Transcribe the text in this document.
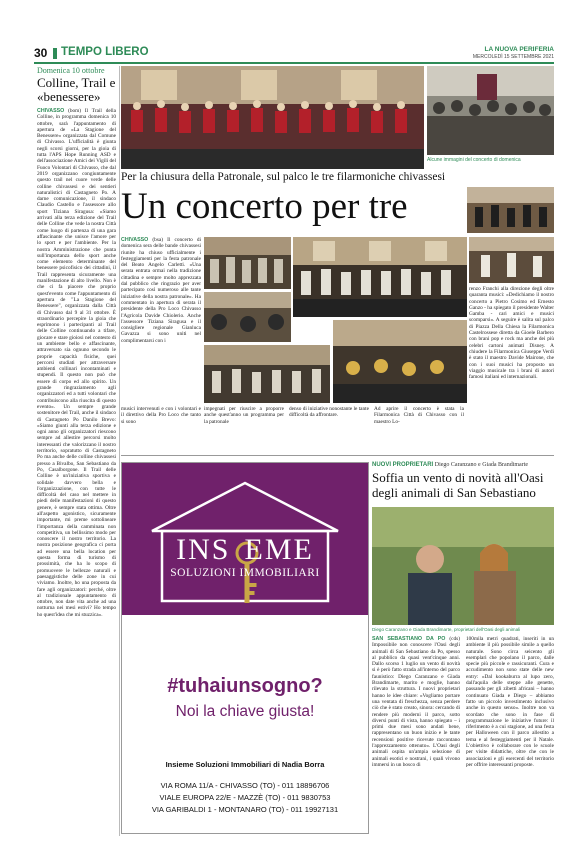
30 TEMPO LIBERO	LA NUOVA PERIFERIA
MERCOLEDÌ 15 SETTEMBRE 2021
Domenica 10 ottobre
Colline, Trail e «benessere»
CHIVASSO (bom) Il Trail della Colline, in programma domenica 10 ottobre, sarà l'appuntamento di apertura de «La Stagione del Benessere» organizzata dal Comune di Chivasso. L'ufficialità è giunta negli scorsi giorni, per la gioia di tutta l'APS Hope Running ASD e dell'associazione Amici dei Vigili del Fuoco Volontari di Chivasso, che dal 2019 organizzano congiuntamente questo trail nel cuore verde delle colline chivassesi e dei sentieri naturalistici di Castagneto Po. A darne comunicazione, il sindaco Claudio Castello e l'assessore allo sport Tiziana Siragusa: «Siamo arrivati alla terza edizione del Trail delle Colline che vede la nostra Città come luogo di partenza di una gara affascinante che unisce l'amore per lo sport e per l'ambiente. Per la nostra Amministrazione che punta sull'importanza dello sport anche come elemento determinante del benessere psicofisico dei cittadini, il Trail rappresenta sicuramente una manifestazione di alto livello. Non è che ci fa piacere che proprio quest'evento come l'appuntamento di apertura de "La Stagione del Benessere", organizzata dalla Città di Chivasso dal 9 al 31 ottobre. È straordinario percepire la gioia che esprimono i partecipanti al Trail delle Colline continuando a tifare, giocare e stare gioiosi nel contesto di un ambiente bello e affascinante, attraversato sia ognuno secondo le proprie capacità fisiche, quei percorsi studiati per attraversare ambienti collinari incontaminati e stupendi. Il questo non può che essere di corpo ed allo spirito. Un grande ringraziamento agli organizzatori ed a tutti volontari che contribuiscono alla riuscita di questo evento». Un sempre grande sostenitore del Trail, anche il sindaco di Castagneto Po Danilo Brevo: «Siamo giunti alla terza edizione e ogni anno gli organizzatori riescono sempre ad allestire percorsi molto interessanti che valorizzano il nostro territorio, sopratutto di Castagneto Po ma anche delle colline chivassesi presso a Bivalbo, San Sebastiano da Po, Casalborgone. Il Trail delle Colline è un'iniziativa sportiva e solidale davvero bella e l'organizzazione, con tutte le difficoltà del caso nel mettere in piedi delle manifestazioni di questo genere, è sempre stata ottima. Oltre all'aspetto agonistico, sicuramente importante, mi preme sottolineare l'importanza della camminata non competitiva, un bellissimo modo per conoscere il nostro territorio. La nostra posizione geografica ci porta ad essere una bella location per questa forma di turismo di prossimità, che ha lo scopo di promuovere le bellezze naturali e paesaggistiche delle zone in cui viviamo. Inoltre, ho una proposta da fare agli organizzatori: perché, oltre al tradizionale appuntamento di ottobre, non date vita anche ad una notturna nei mesi estivi? Ho tempo ho quest'idea che mi stuzzica».
Alcune immagini del concerto di domenica
Per la chiusura della Patronale, sul palco le tre filarmoniche chivassesi
Un concerto per tre
CHIVASSO (bsa) Il concerto di domenica sera delle bande chivassesi riunite ha chiuso ufficialmente i festeggiamenti per la festa patronale del Beato Angelo Carletti. «Una serata entrata ormai nella tradizione cittadina e sempre molto apprezzata dal pubblico che ringrazio per aver partecipato così numeroso alle tante iniziative della nostra patronale». Ha commentato in apertura di serata il presidente della Pro Loco Chivasso l'Agricola Davide Chiolerio. Anche l'assessore Tiziana Siragusa e il consigliere regionale Gianluca Gavazza si sono uniti nel complimentarsi con i
musici intervenuti e con i volontari e il direttivo della Pro Loco che tanto si sono
impegnati per riuscire a proporre anche quest'anno un programma per la patronale
denso di iniziative nonostante le tante difficoltà da affrontare.
Ad aprire il concerto è stata la Filarmonica Città di Chivasso con il maestro Lo-
renzo Franchi alla direzione degli oltre quaranta musici: «Dedichiamo il nostro concerto a Pietro Cosimo ed Ernesto Ganzo - ha spiegato il presidente Walter Gamba - cari amici e musici scomparsi». A seguire è salita sul palco di Piazza Della Chiesa la Filarmonica Castelrossese diretta da Gioele Barbero con brani pop e rock ma anche dei più celebri cartoni animati Disney. A chiudere la Filarmonica Giuseppe Verdi è stato il maestro Davide Mairone, che con i suoi musici ha proposto un viaggio musicale tra i brani di autori famosi italiani ed internazionali.
INS EME
SOLUZIONI IMMOBILIARI
#tuhaiunsogno?
Noi la chiave giusta!
Insieme Soluzioni Immobiliari di Nadia Borra
VIA ROMA 11/A - CHIVASSO (TO) - 011 18896706
VIALE EUROPA 22/E - MAZZÈ (TO) - 011 9830753
VIA GARIBALDI 1 - MONTANARO (TO) - 011 19927131
NUOVI PROPRIETARI Diego Caranzano e Giada Brandimarte
Soffia un vento di novità all'Oasi degli animali di San Sebastiano
Diego Caranzano e Giada Brandimarte, proprietari dell'Oasi degli animali
SAN SEBASTIANO DA PO (cds) Impossibile non conoscere l'Oasi degli animali di San Sebastiano da Po, spesso al pubblico da quasi vent'cinque anni. Dallo scorso 1 luglio un vento di novità si è però fatto strada all'interno del parco faunistico: Diego Caranzano e Giada Brandimarte, marito e moglie, hanno rilevato la struttura. I nuovi proprietari hanno le idee chiare: «Vogliamo portare una ventata di freschezza, senza perdere ciò che è stato creato, sinora: cercando di rendere più moderni il parco, sotto diversi punti di vista, hanno spiegato – i primi due mesi sono andati bene, rappresentano un buon inizio e le tante recensioni positive ricevute raccontano l'apprezzamento ottenuto». L'Oasi degli animali ospita un'ampia selezione di animali esotici e nostrani, i quali vivono immersi in un bosco di
100mila metri quadrati, inseriti in un ambiente il più possibile simile a quello naturale. Sono circa seicento gli esemplari che popolano il parco, dalle specie più piccole e rassicuranti. Cura e accudimento non sono state delle new entry: «Dal kookaburra al lupo zero, dall'aquila delle steppe alle genette, passando per gli zibetti africani – hanno continuato Giada e Diego – abbiamo fatto un piccolo investimento inclusivo anche in questo senso». Inoltre non va scordato che sono in fase di programmazione le iniziative future: il riferimento è a cui stagione, ad una festa per Halloween con il parco allestito a tema e al festeggiamenti per il Natale. L'obiettivo è collaborare con le scuole per visite didattiche, oltre che con le associazioni e gli esercenti del territorio per offrire interessanti proposte.
